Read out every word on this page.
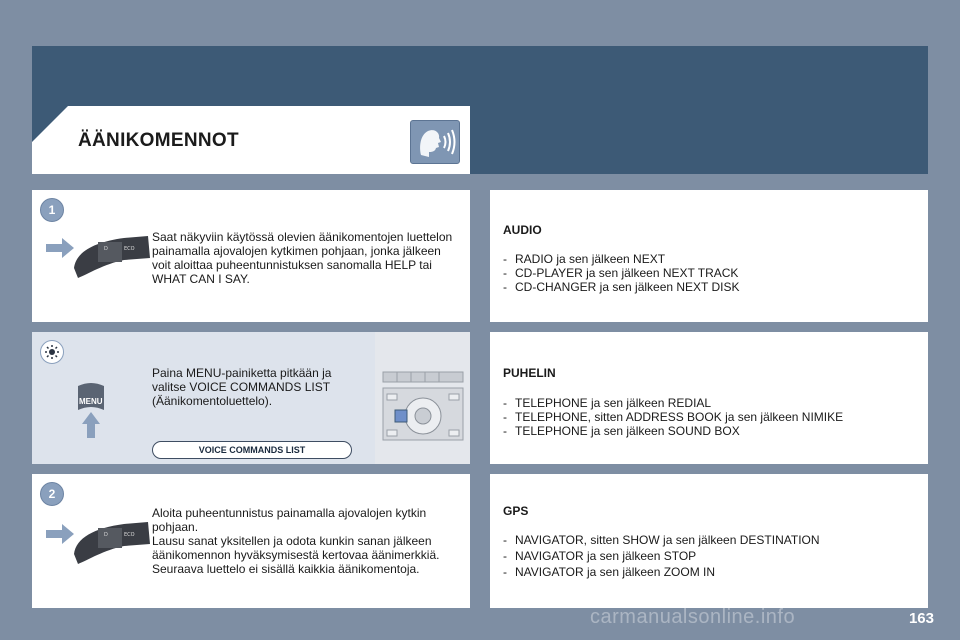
ÄÄNIKOMENNOT
1
D	ECO
Saat näkyviin käytössä olevien äänikomentojen luettelon
painamalla ajovalojen kytkimen pohjaan, jonka jälkeen
voit aloittaa puheentunnistuksen sanomalla HELP tai
WHAT CAN I SAY.
MENU
Paina MENU-painiketta pitkään ja
valitse VOICE COMMANDS LIST
(Äänikomentoluettelo).
VOICE COMMANDS LIST
2
D	ECO
Aloita puheentunnistus painamalla ajovalojen kytkin
pohjaan.
Lausu sanat yksitellen ja odota kunkin sanan jälkeen
äänikomennon hyväksymisestä kertovaa äänimerkkiä.
Seuraava luettelo ei sisällä kaikkia äänikomentoja.
AUDIO
- RADIO ja sen jälkeen NEXT
- CD-PLAYER ja sen jälkeen NEXT TRACK
- CD-CHANGER ja sen jälkeen NEXT DISK
PUHELIN
- TELEPHONE ja sen jälkeen REDIAL
- TELEPHONE, sitten ADDRESS BOOK ja sen jälkeen NIMIKE
- TELEPHONE ja sen jälkeen SOUND BOX
GPS
- NAVIGATOR, sitten SHOW ja sen jälkeen DESTINATION
- NAVIGATOR ja sen jälkeen STOP
- NAVIGATOR ja sen jälkeen ZOOM IN
carmanualsonline.info	163
